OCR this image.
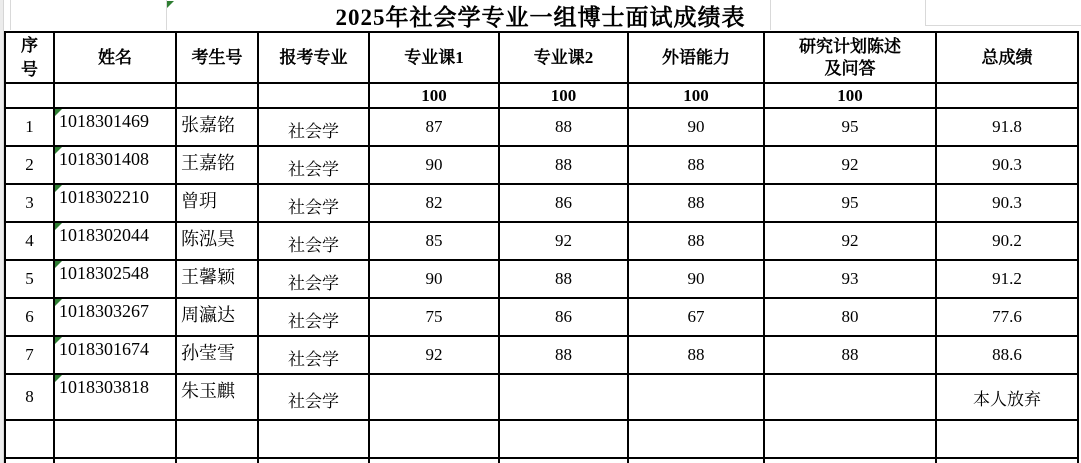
2025年社会学专业一组博士面试成绩表
序号	姓名	考生号	报考专业	专业课1	专业课2	外语能力	研究计划陈述及问答	总成绩
				100	100	100	100	
1	1018301469	张嘉铭	社会学	87	88	90	95	91.8
2	1018301408	王嘉铭	社会学	90	88	88	92	90.3
3	1018302210	曾玥	社会学	82	86	88	95	90.3
4	1018302044	陈泓昊	社会学	85	92	88	92	90.2
5	1018302548	王馨颖	社会学	90	88	90	93	91.2
6	1018303267	周瀛达	社会学	75	86	67	80	77.6
7	1018301674	孙莹雪	社会学	92	88	88	88	88.6
8	1018303818	朱玉麒	社会学					本人放弃
